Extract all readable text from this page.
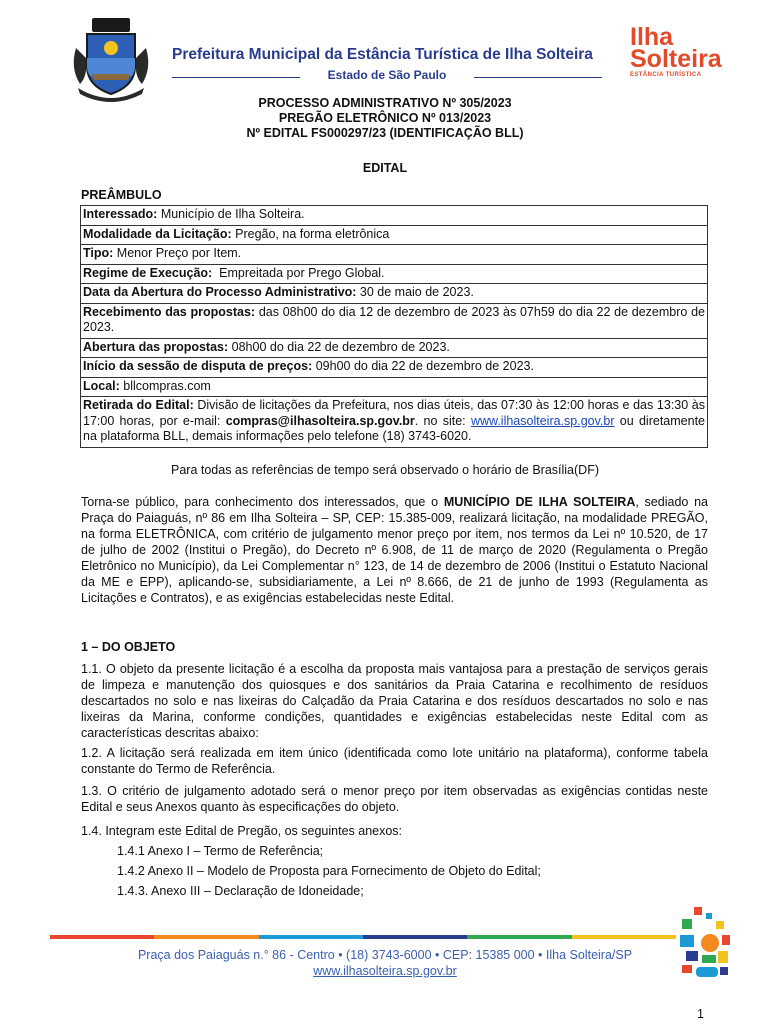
Prefeitura Municipal da Estância Turística de Ilha Solteira
Estado de São Paulo
Ilha
Solteira
ESTÂNCIA TURÍSTICA
PROCESSO ADMINISTRATIVO Nº 305/2023
PREGÃO ELETRÔNICO Nº 013/2023
Nº EDITAL FS000297/23 (IDENTIFICAÇÃO BLL)
EDITAL
PREÂMBULO
Interessado: Município de Ilha Solteira.
Modalidade da Licitação: Pregão, na forma eletrônica
Tipo: Menor Preço por Item.
Regime de Execução:  Empreitada por Prego Global.
Data da Abertura do Processo Administrativo: 30 de maio de 2023.
Recebimento das propostas: das 08h00 do dia 12 de dezembro de 2023 às 07h59 do dia 22 de dezembro de 2023.
Abertura das propostas: 08h00 do dia 22 de dezembro de 2023.
Início da sessão de disputa de preços: 09h00 do dia 22 de dezembro de 2023.
Local: bllcompras.com
Retirada do Edital: Divisão de licitações da Prefeitura, nos dias úteis, das 07:30 às 12:00 horas e das 13:30 às 17:00 horas, por e-mail: compras@ilhasolteira.sp.gov.br. no site: www.ilhasolteira.sp.gov.br ou diretamente na plataforma BLL, demais informações pelo telefone (18) 3743-6020.
Para todas as referências de tempo será observado o horário de Brasília(DF)
Torna-se público, para conhecimento dos interessados, que o MUNICÍPIO DE ILHA SOLTEIRA, sediado na Praça do Paiaguás, nº 86 em Ilha Solteira – SP, CEP: 15.385-009, realizará licitação, na modalidade PREGÃO, na forma ELETRÔNICA, com critério de julgamento menor preço por item, nos termos da Lei nº 10.520, de 17 de julho de 2002 (Institui o Pregão), do Decreto nº 6.908, de 11 de março de 2020 (Regulamenta o Pregão Eletrônico no Município), da Lei Complementar n° 123, de 14 de dezembro de 2006 (Institui o Estatuto Nacional da ME e EPP), aplicando-se, subsidiariamente, a Lei nº 8.666, de 21 de junho de 1993 (Regulamenta as Licitações e Contratos), e as exigências estabelecidas neste Edital.
1 – DO OBJETO
1.1. O objeto da presente licitação é a escolha da proposta mais vantajosa para a prestação de serviços gerais de limpeza e manutenção dos quiosques e dos sanitários da Praia Catarina e recolhimento de resíduos descartados no solo e nas lixeiras do Calçadão da Praia Catarina e dos resíduos descartados no solo e nas lixeiras da Marina, conforme condições, quantidades e exigências estabelecidas neste Edital com as características descritas abaixo:
1.2. A licitação será realizada em item único (identificada como lote unitário na plataforma), conforme tabela constante do Termo de Referência.
1.3. O critério de julgamento adotado será o menor preço por item observadas as exigências contidas neste Edital e seus Anexos quanto às especificações do objeto.
1.4. Integram este Edital de Pregão, os seguintes anexos:
1.4.1 Anexo I – Termo de Referência;
1.4.2 Anexo II – Modelo de Proposta para Fornecimento de Objeto do Edital;
1.4.3. Anexo III – Declaração de Idoneidade;
Praça dos Paiaguás n.° 86 - Centro • (18) 3743-6000 • CEP: 15385 000 • Ilha Solteira/SP
www.ilhasolteira.sp.gov.br
1
